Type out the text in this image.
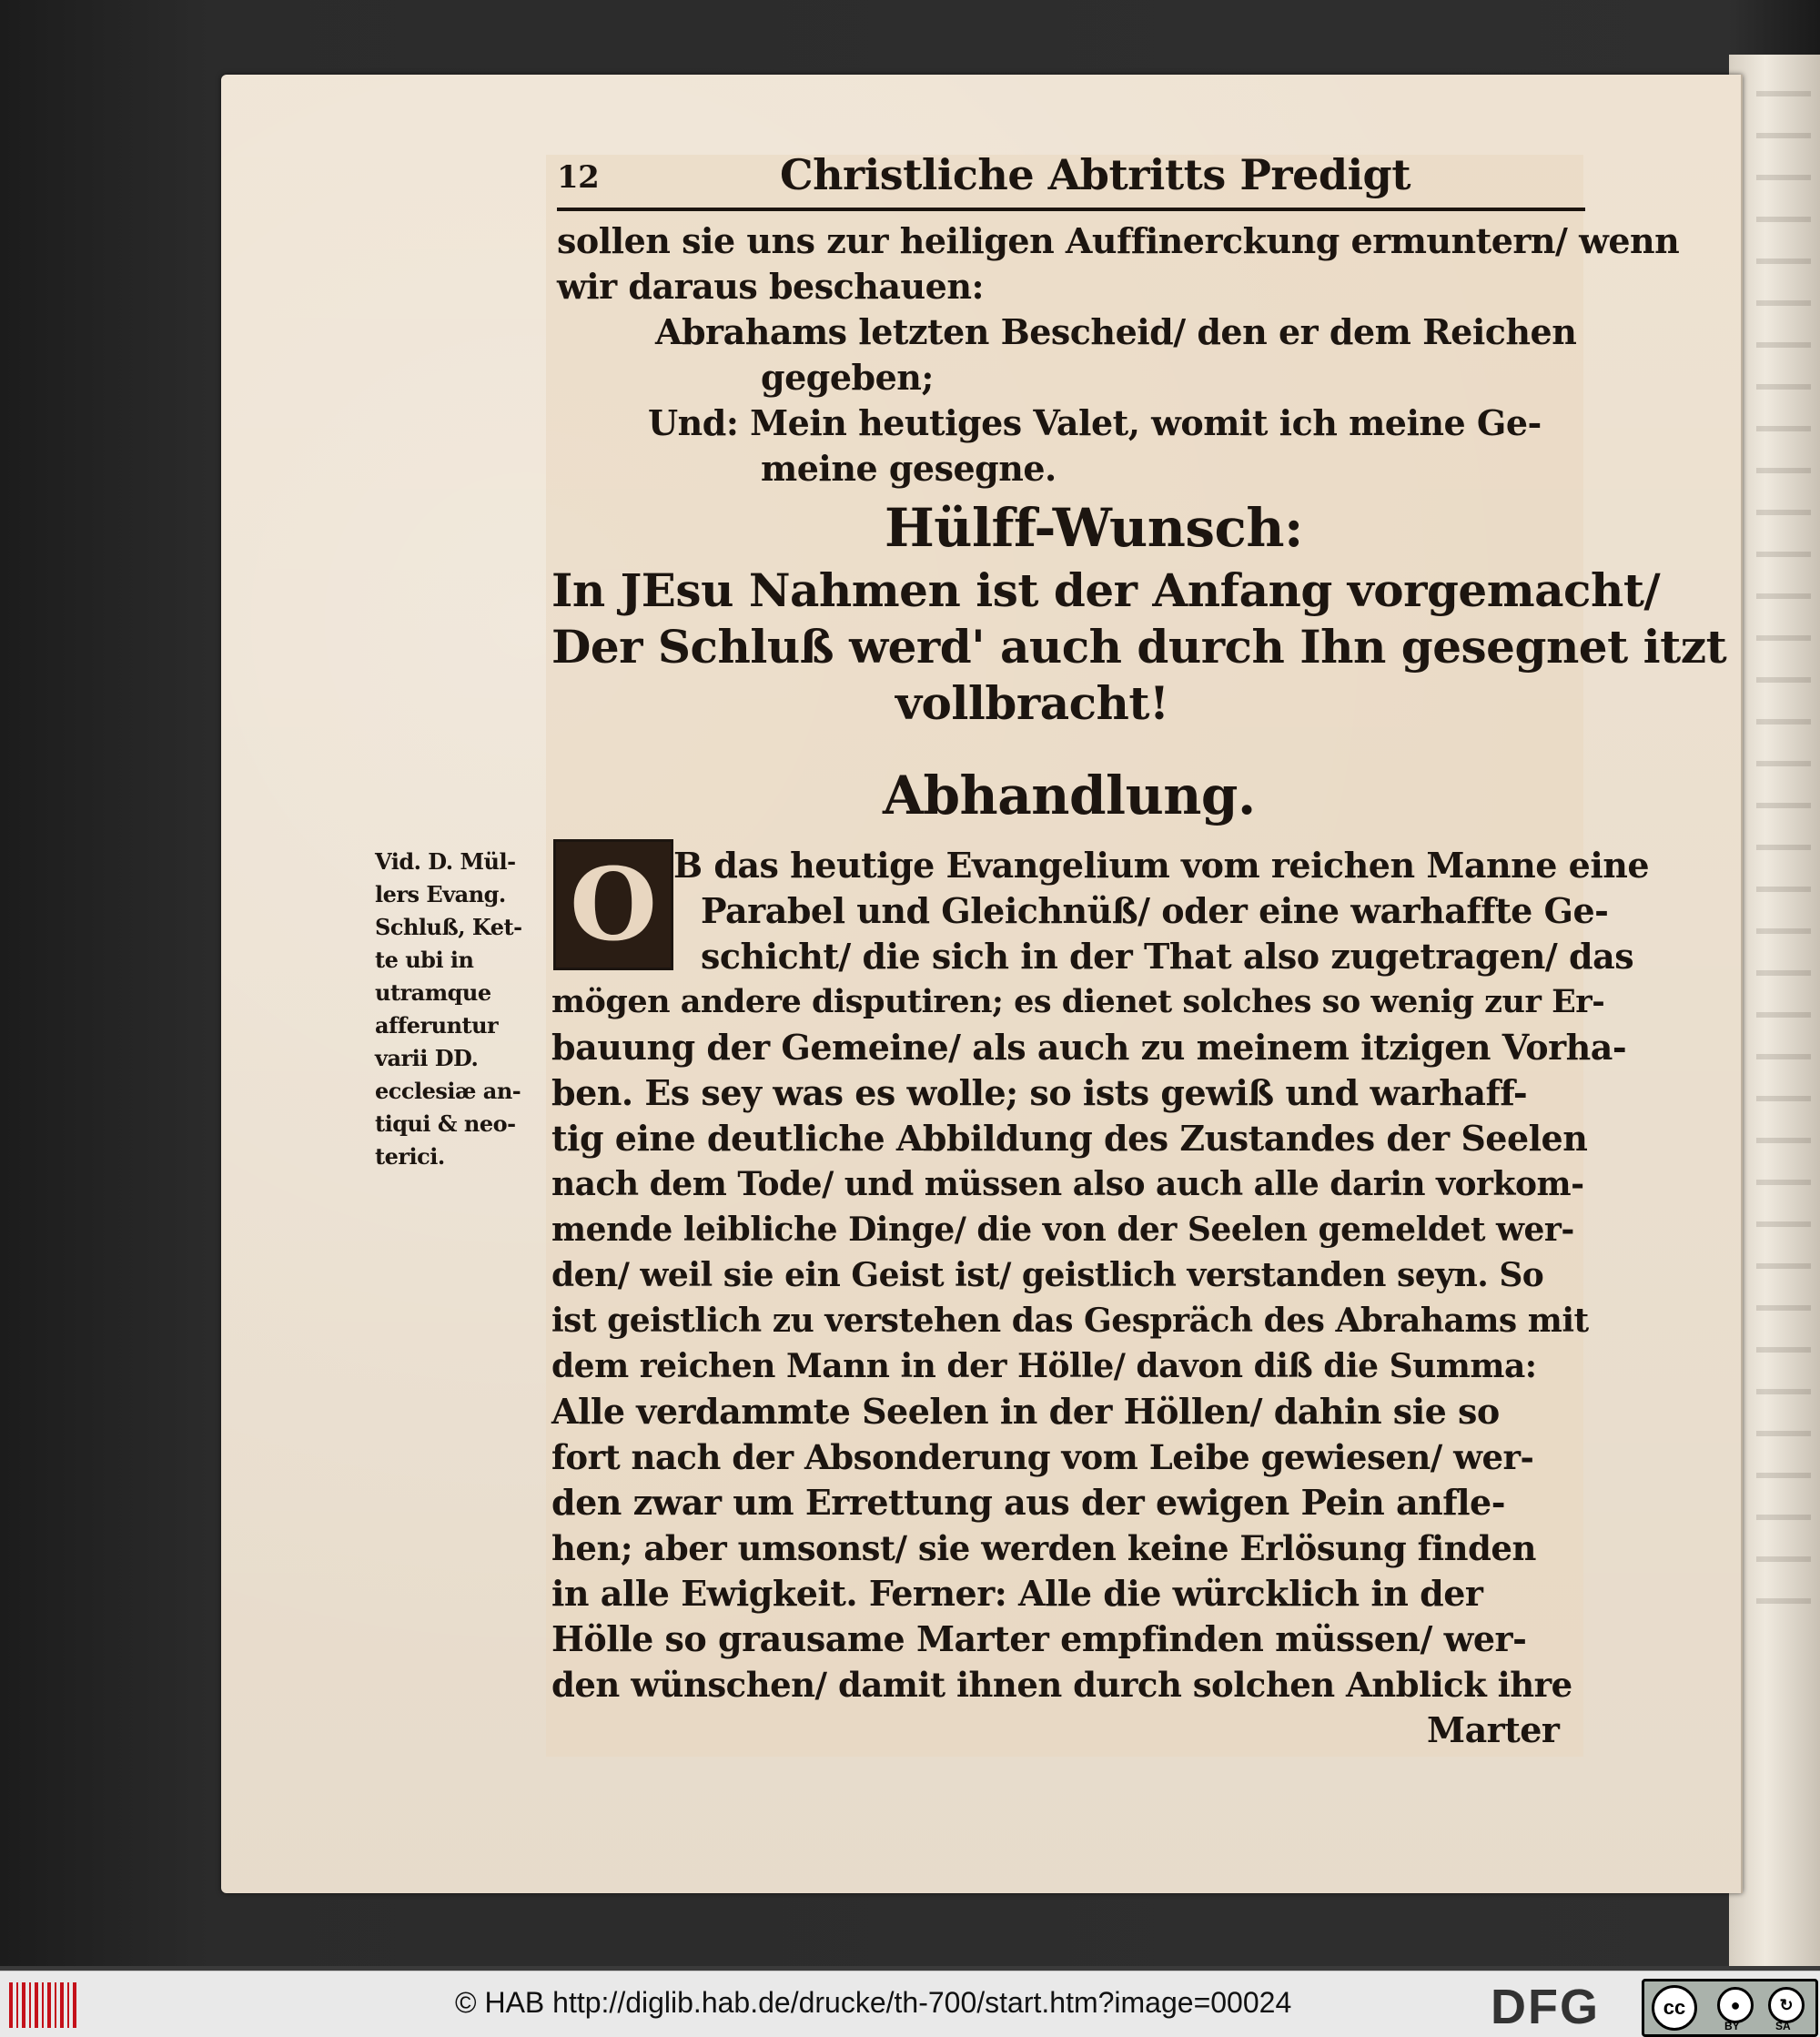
12	Christliche Abtritts Predigt
sollen sie uns zur heiligen Auffinerckung ermuntern/ wenn
wir daraus beschauen:
Abrahams letzten Bescheid/ den er dem Reichen
gegeben;
Und: Mein heutiges Valet, womit ich meine Ge-
meine gesegne.
Hülff-Wunsch:
In JEsu Nahmen ist der Anfang vorgemacht/
Der Schluß werd' auch durch Ihn gesegnet itzt
vollbracht!
Abhandlung.
O B das heutige Evangelium vom reichen Manne eine
Parabel und Gleichnüß/ oder eine warhaffte Ge-
schicht/ die sich in der That also zugetragen/ das
mögen andere disputiren; es dienet solches so wenig zur Er-
bauung der Gemeine/ als auch zu meinem itzigen Vorha-
ben. Es sey was es wolle; so ists gewiß und warhaff-
tig eine deutliche Abbildung des Zustandes der Seelen
nach dem Tode/ und müssen also auch alle darin vorkom-
mende leibliche Dinge/ die von der Seelen gemeldet wer-
den/ weil sie ein Geist ist/ geistlich verstanden seyn. So
ist geistlich zu verstehen das Gespräch des Abrahams mit
dem reichen Mann in der Hölle/ davon diß die Summa:
Alle verdammte Seelen in der Höllen/ dahin sie so
fort nach der Absonderung vom Leibe gewiesen/ wer-
den zwar um Errettung aus der ewigen Pein anfle-
hen; aber umsonst/ sie werden keine Erlösung finden
in alle Ewigkeit. Ferner: Alle die würcklich in der
Hölle so grausame Marter empfinden müssen/ wer-
den wünschen/ damit ihnen durch solchen Anblick ihre
Marter
Vid. D. Mül-
lers Evang.
Schluß, Ket-
te ubi in
utramque
afferuntur
varii DD.
ecclesiæ an-
tiqui & neo-
terici.
© HAB http://diglib.hab.de/drucke/th-700/start.htm?image=00024	DFG	cc	●	↻
BY	SA
